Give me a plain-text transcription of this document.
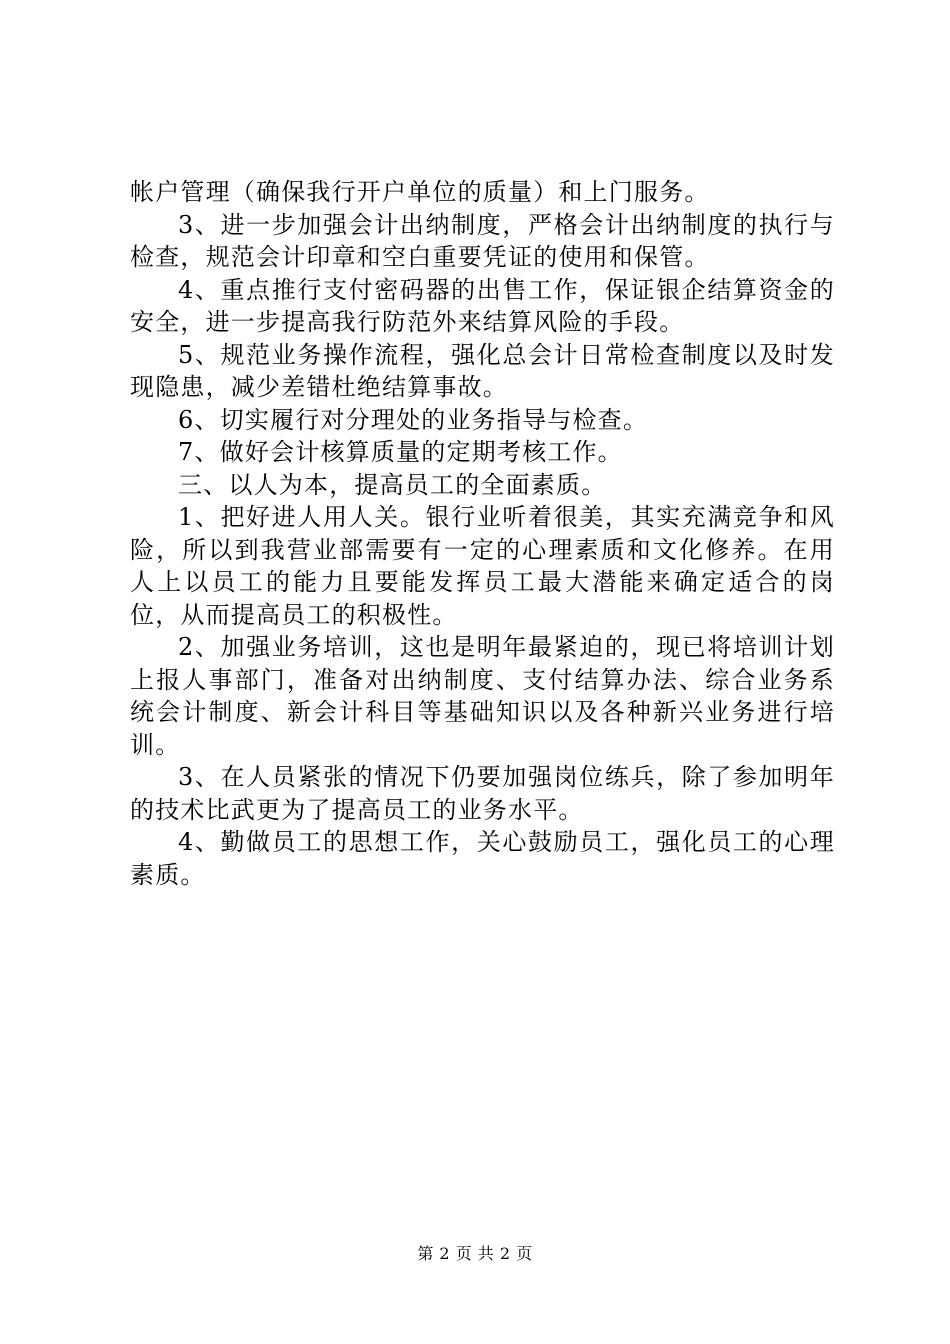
帐户管理（确保我行开户单位的质量）和上门服务。

3、进一步加强会计出纳制度，严格会计出纳制度的执行与检查，规范会计印章和空白重要凭证的使用和保管。

4、重点推行支付密码器的出售工作，保证银企结算资金的安全，进一步提高我行防范外来结算风险的手段。

5、规范业务操作流程，强化总会计日常检查制度以及时发现隐患，减少差错杜绝结算事故。

6、切实履行对分理处的业务指导与检查。

7、做好会计核算质量的定期考核工作。

三、以人为本，提高员工的全面素质。

1、把好进人用人关。银行业听着很美，其实充满竞争和风险，所以到我营业部需要有一定的心理素质和文化修养。在用人上以员工的能力且要能发挥员工最大潜能来确定适合的岗位，从而提高员工的积极性。

2、加强业务培训，这也是明年最紧迫的，现已将培训计划上报人事部门，准备对出纳制度、支付结算办法、综合业务系统会计制度、新会计科目等基础知识以及各种新兴业务进行培训。

3、在人员紧张的情况下仍要加强岗位练兵，除了参加明年的技术比武更为了提高员工的业务水平。

4、勤做员工的思想工作，关心鼓励员工，强化员工的心理素质。

第 2 页 共 2 页
